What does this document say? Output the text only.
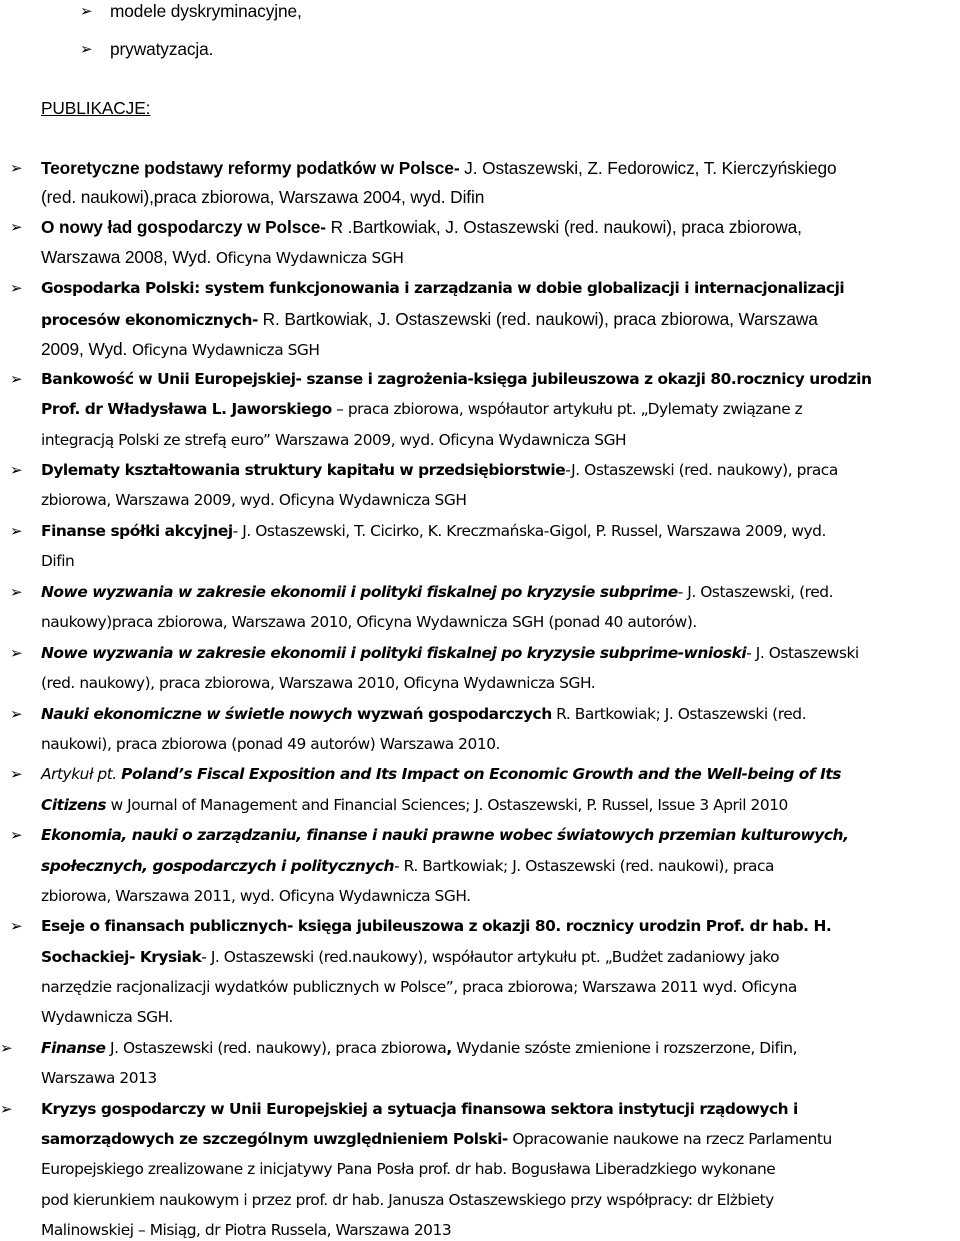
➢ modele dyskryminacyjne,
➢ prywatyzacja.
PUBLIKACJE:
➢ Teoretyczne podstawy reformy podatków w Polsce- J. Ostaszewski, Z. Fedorowicz, T. Kierczyńskiego
(red. naukowi),praca zbiorowa, Warszawa 2004, wyd. Difin
➢ O nowy ład gospodarczy w Polsce- R .Bartkowiak, J. Ostaszewski (red. naukowi), praca zbiorowa,
Warszawa 2008, Wyd. Oficyna Wydawnicza SGH
➢ Gospodarka Polski: system funkcjonowania i zarządzania w dobie globalizacji i internacjonalizacji
procesów ekonomicznych- R. Bartkowiak, J. Ostaszewski (red. naukowi), praca zbiorowa, Warszawa
2009, Wyd. Oficyna Wydawnicza SGH
➢ Bankowość w Unii Europejskiej- szanse i zagrożenia-księga jubileuszowa z okazji 80.rocznicy urodzin
Prof. dr Władysława L. Jaworskiego – praca zbiorowa, współautor artykułu pt. „Dylematy związane z
integracją Polski ze strefą euro” Warszawa 2009, wyd. Oficyna Wydawnicza SGH
➢ Dylematy kształtowania struktury kapitału w przedsiębiorstwie-J. Ostaszewski (red. naukowy), praca
zbiorowa, Warszawa 2009, wyd. Oficyna Wydawnicza SGH
➢ Finanse spółki akcyjnej- J. Ostaszewski, T. Cicirko, K. Kreczmańska-Gigol, P. Russel, Warszawa 2009, wyd.
Difin
➢ Nowe wyzwania w zakresie ekonomii i polityki fiskalnej po kryzysie subprime- J. Ostaszewski, (red.
naukowy)praca zbiorowa, Warszawa 2010, Oficyna Wydawnicza SGH (ponad 40 autorów).
➢ Nowe wyzwania w zakresie ekonomii i polityki fiskalnej po kryzysie subprime-wnioski- J. Ostaszewski
(red. naukowy), praca zbiorowa, Warszawa 2010, Oficyna Wydawnicza SGH.
➢ Nauki ekonomiczne w świetle nowych wyzwań gospodarczych R. Bartkowiak; J. Ostaszewski (red.
naukowi), praca zbiorowa (ponad 49 autorów) Warszawa 2010.
➢ Artykuł pt. Poland’s Fiscal Exposition and Its Impact on Economic Growth and the Well-being of Its
Citizens w Journal of Management and Financial Sciences; J. Ostaszewski, P. Russel, Issue 3 April 2010
➢ Ekonomia, nauki o zarządzaniu, finanse i nauki prawne wobec światowych przemian kulturowych,
społecznych, gospodarczych i politycznych- R. Bartkowiak; J. Ostaszewski (red. naukowi), praca
zbiorowa, Warszawa 2011, wyd. Oficyna Wydawnicza SGH.
➢ Eseje o finansach publicznych- księga jubileuszowa z okazji 80. rocznicy urodzin Prof. dr hab. H.
Sochackiej- Krysiak- J. Ostaszewski (red.naukowy), współautor artykułu pt. „Budżet zadaniowy jako
narzędzie racjonalizacji wydatków publicznych w Polsce”, praca zbiorowa; Warszawa 2011 wyd. Oficyna
Wydawnicza SGH.
➢ Finanse J. Ostaszewski (red. naukowy), praca zbiorowa, Wydanie szóste zmienione i rozszerzone, Difin,
Warszawa 2013
➢ Kryzys gospodarczy w Unii Europejskiej a sytuacja finansowa sektora instytucji rządowych i
samorządowych ze szczególnym uwzględnieniem Polski- Opracowanie naukowe na rzecz Parlamentu
Europejskiego zrealizowane z inicjatywy Pana Posła prof. dr hab. Bogusława Liberadzkiego wykonane
pod kierunkiem naukowym i przez prof. dr hab. Janusza Ostaszewskiego przy współpracy: dr Elżbiety
Malinowskiej – Misiąg, dr Piotra Russela, Warszawa 2013
